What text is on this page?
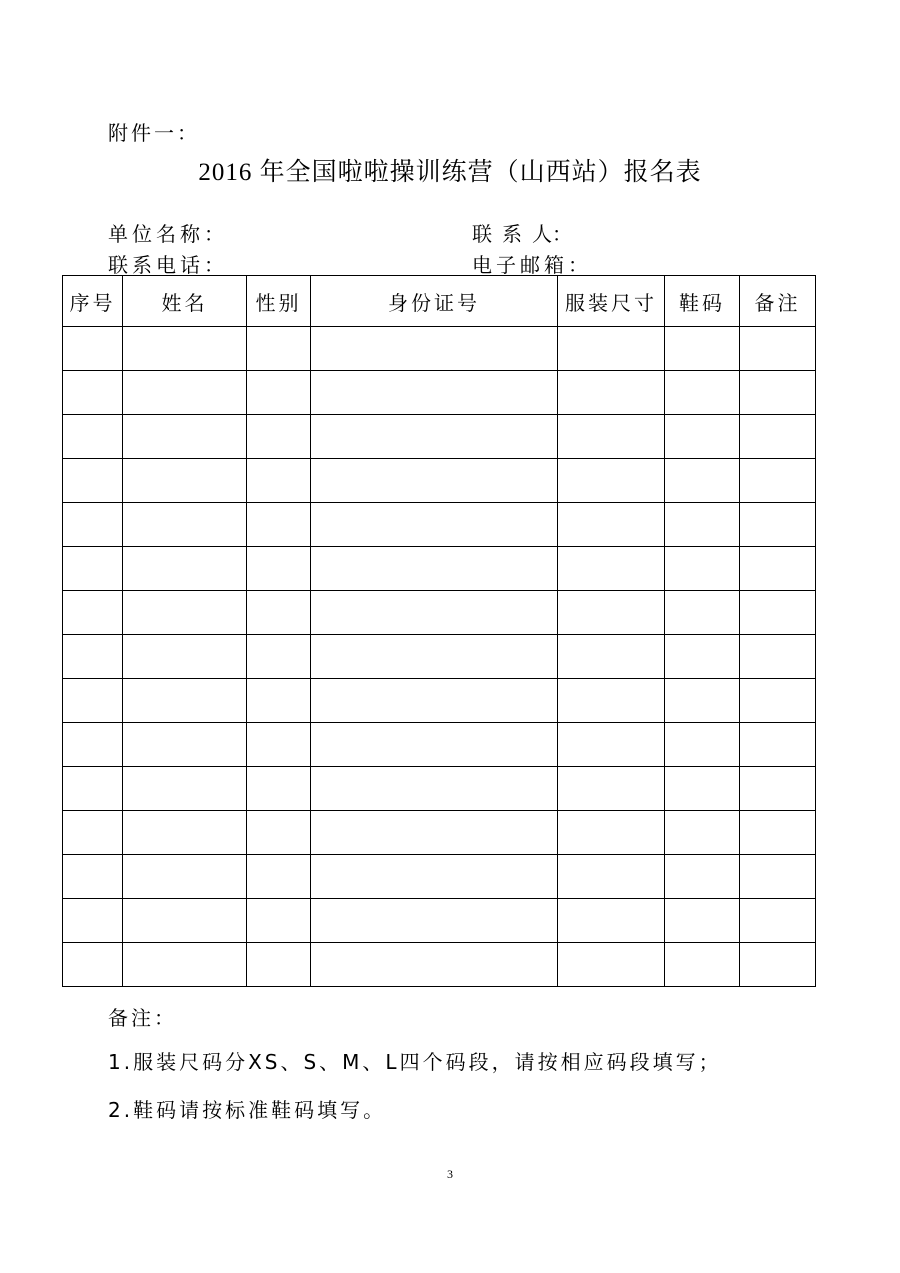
附件一：
2016 年全国啦啦操训练营（山西站）报名表
单位名称：	联 系 人：
联系电话：	电子邮箱：
序号	姓名	性别	身份证号	服装尺寸	鞋码	备注

备注：
1.服装尺码分XS、S、M、L四个码段，请按相应码段填写；
2.鞋码请按标准鞋码填写。
3
